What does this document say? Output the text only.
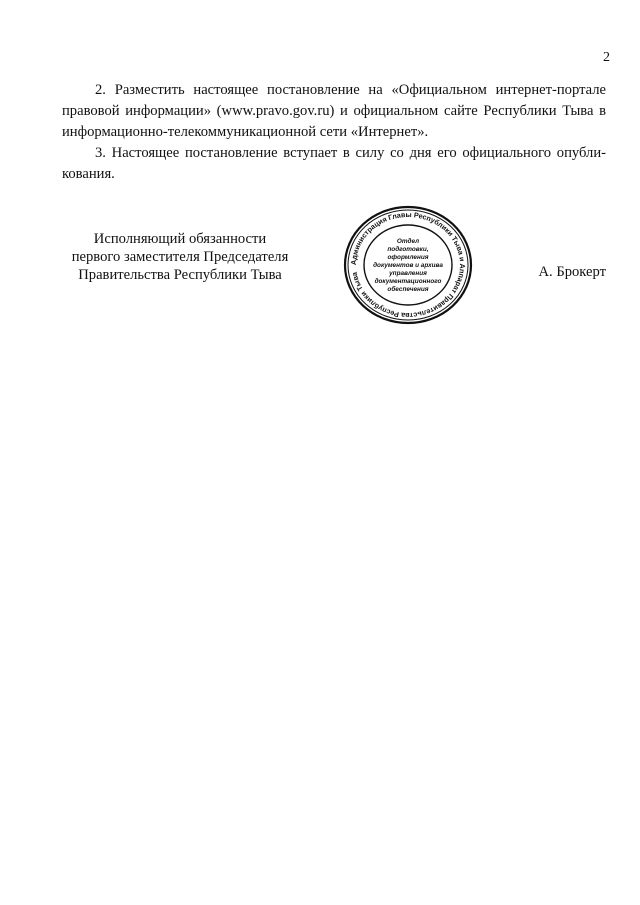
2

2. Разместить настоящее постановление на «Официальном интернет-портале
правовой информации» (www.pravo.gov.ru) и официальном сайте Республики Тыва в
информационно-телекоммуникационной сети «Интернет».

3. Настоящее постановление вступает в силу со дня его официального опубли-
кования.

Исполняющий обязанности
первого заместителя Председателя
Правительства Республики Тыва
Администрация Главы Республики Тыва и Аппарат Правительства Республики Тыва
Отдел
подготовки,
оформления
документов и архива
управления
документационного
обеспечения
А. Брокерт
